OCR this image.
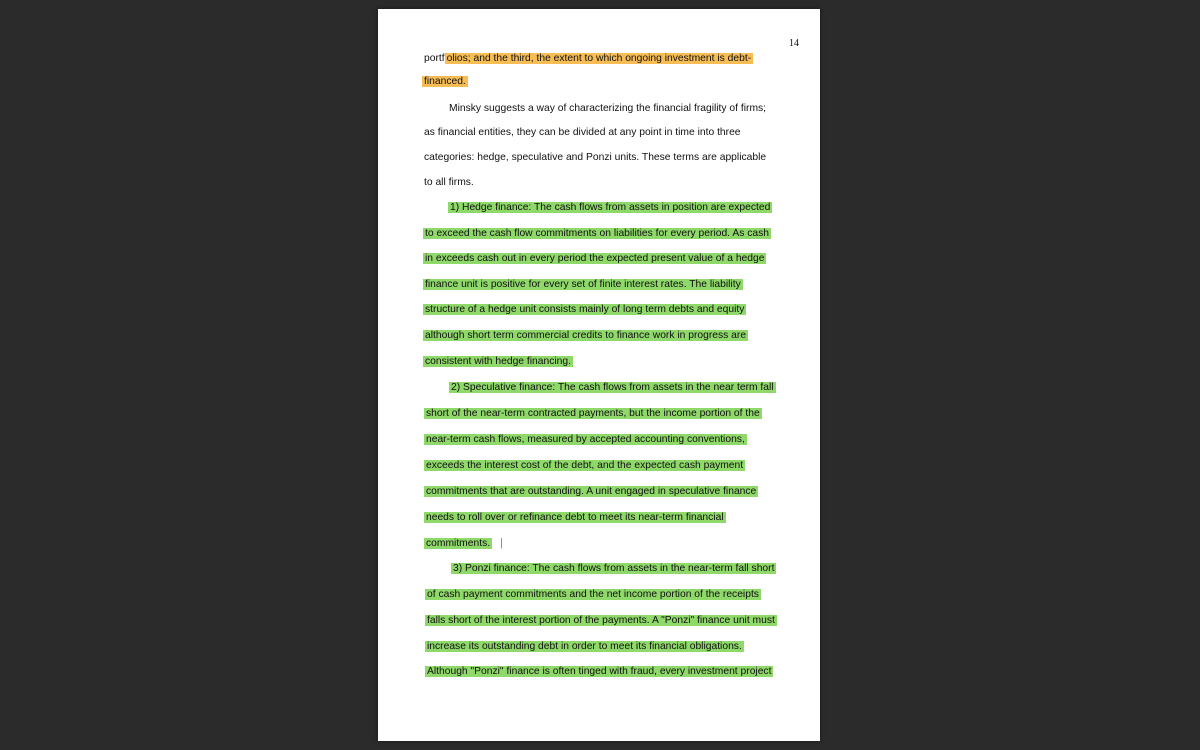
14
portf olios; and the third, the extent to which ongoing investment is debt-
financed.
Minsky suggests a way of characterizing the financial fragility of firms;
as financial entities, they can be divided at any point in time into three
categories: hedge, speculative and Ponzi units. These terms are applicable
to all firms.
1) Hedge finance: The cash flows from assets in position are expected
to exceed the cash flow commitments on liabilities for every period. As cash
in exceeds cash out in every period the expected present value of a hedge
finance unit is positive for every set of finite interest rates. The liability
structure of a hedge unit consists mainly of long term debts and equity
although short term commercial credits to finance work in progress are
consistent with hedge financing.
2) Speculative finance: The cash flows from assets in the near term fall
short of the near-term contracted payments, but the income portion of the
near-term cash flows, measured by accepted accounting conventions,
exceeds the interest cost of the debt, and the expected cash payment
commitments that are outstanding. A unit engaged in speculative finance
needs to roll over or refinance debt to meet its near-term financial
commitments. |
3) Ponzi finance: The cash flows from assets in the near-term fall short
of cash payment commitments and the net income portion of the receipts
falls short of the interest portion of the payments. A "Ponzi" finance unit must
increase its outstanding debt in order to meet its financial obligations.
Although "Ponzi" finance is often tinged with fraud, every investment project
